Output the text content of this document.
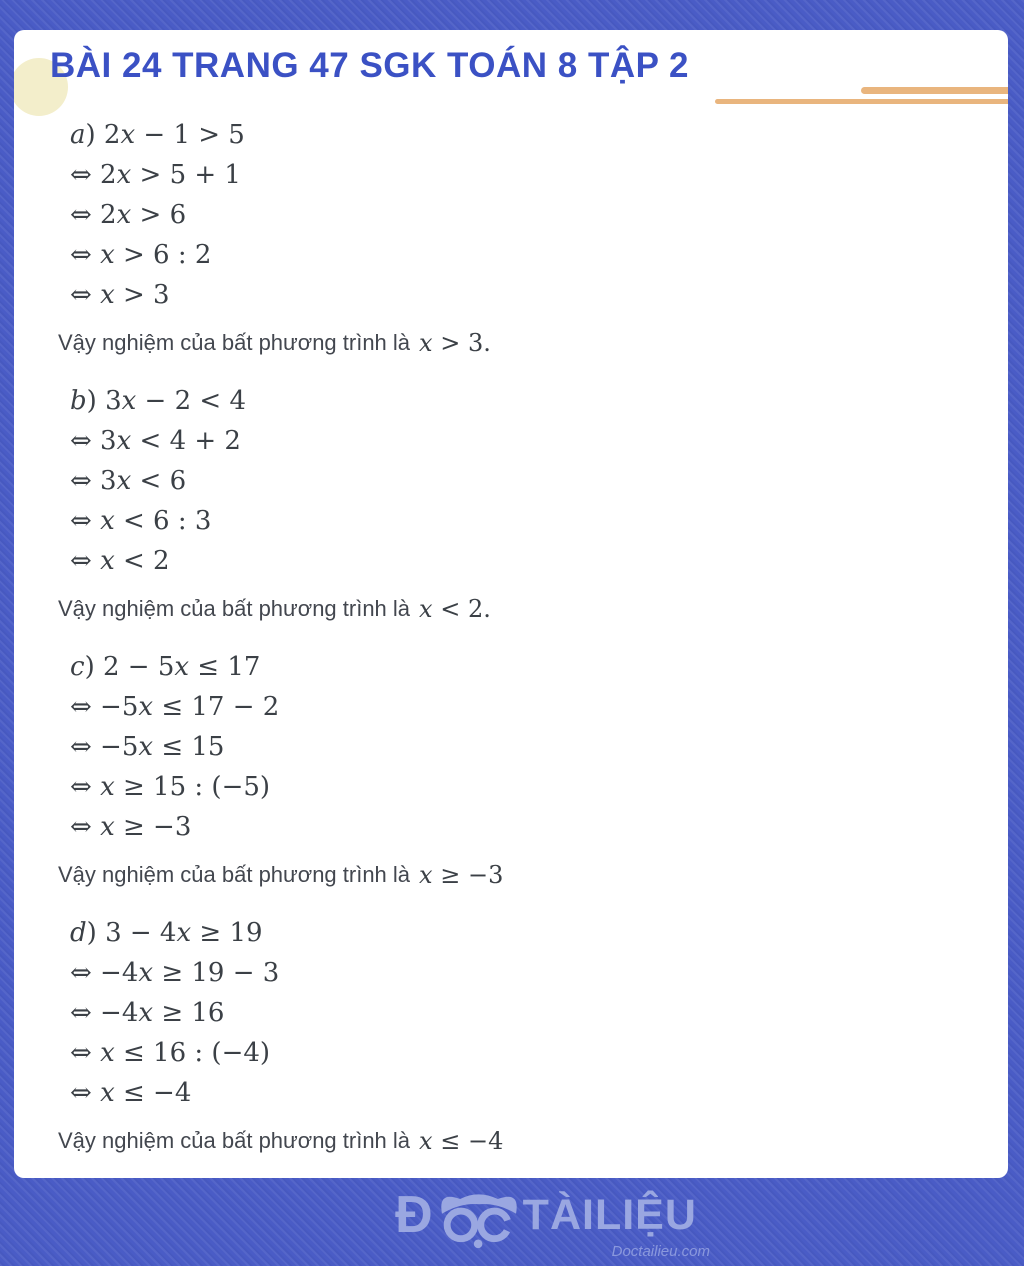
BÀI 24 TRANG 47 SGK TOÁN 8 TẬP 2
a ) 2 x − 1 > 5
⇔ 2 x > 5 + 1
⇔ 2 x > 6
⇔ x > 6 : 2
⇔ x > 3
Vậy nghiệm của bất phương trình là x > 3.
b ) 3 x − 2 < 4
⇔ 3 x < 4 + 2
⇔ 3 x < 6
⇔ x < 6 : 3
⇔ x < 2
Vậy nghiệm của bất phương trình là x < 2.
c ) 2 − 5 x ≤ 17
⇔ −5 x ≤ 17 − 2
⇔ −5 x ≤ 15
⇔ x ≥ 15 : (−5)
⇔ x ≥ −3
Vậy nghiệm của bất phương trình là x ≥ −3
d ) 3 − 4 x ≥ 19
⇔ −4 x ≥ 19 − 3
⇔ −4 x ≥ 16
⇔ x ≤ 16 : (−4)
⇔ x ≤ −4
Vậy nghiệm của bất phương trình là x ≤ −4
Đ TÀILIỆU
Doctailieu.com
